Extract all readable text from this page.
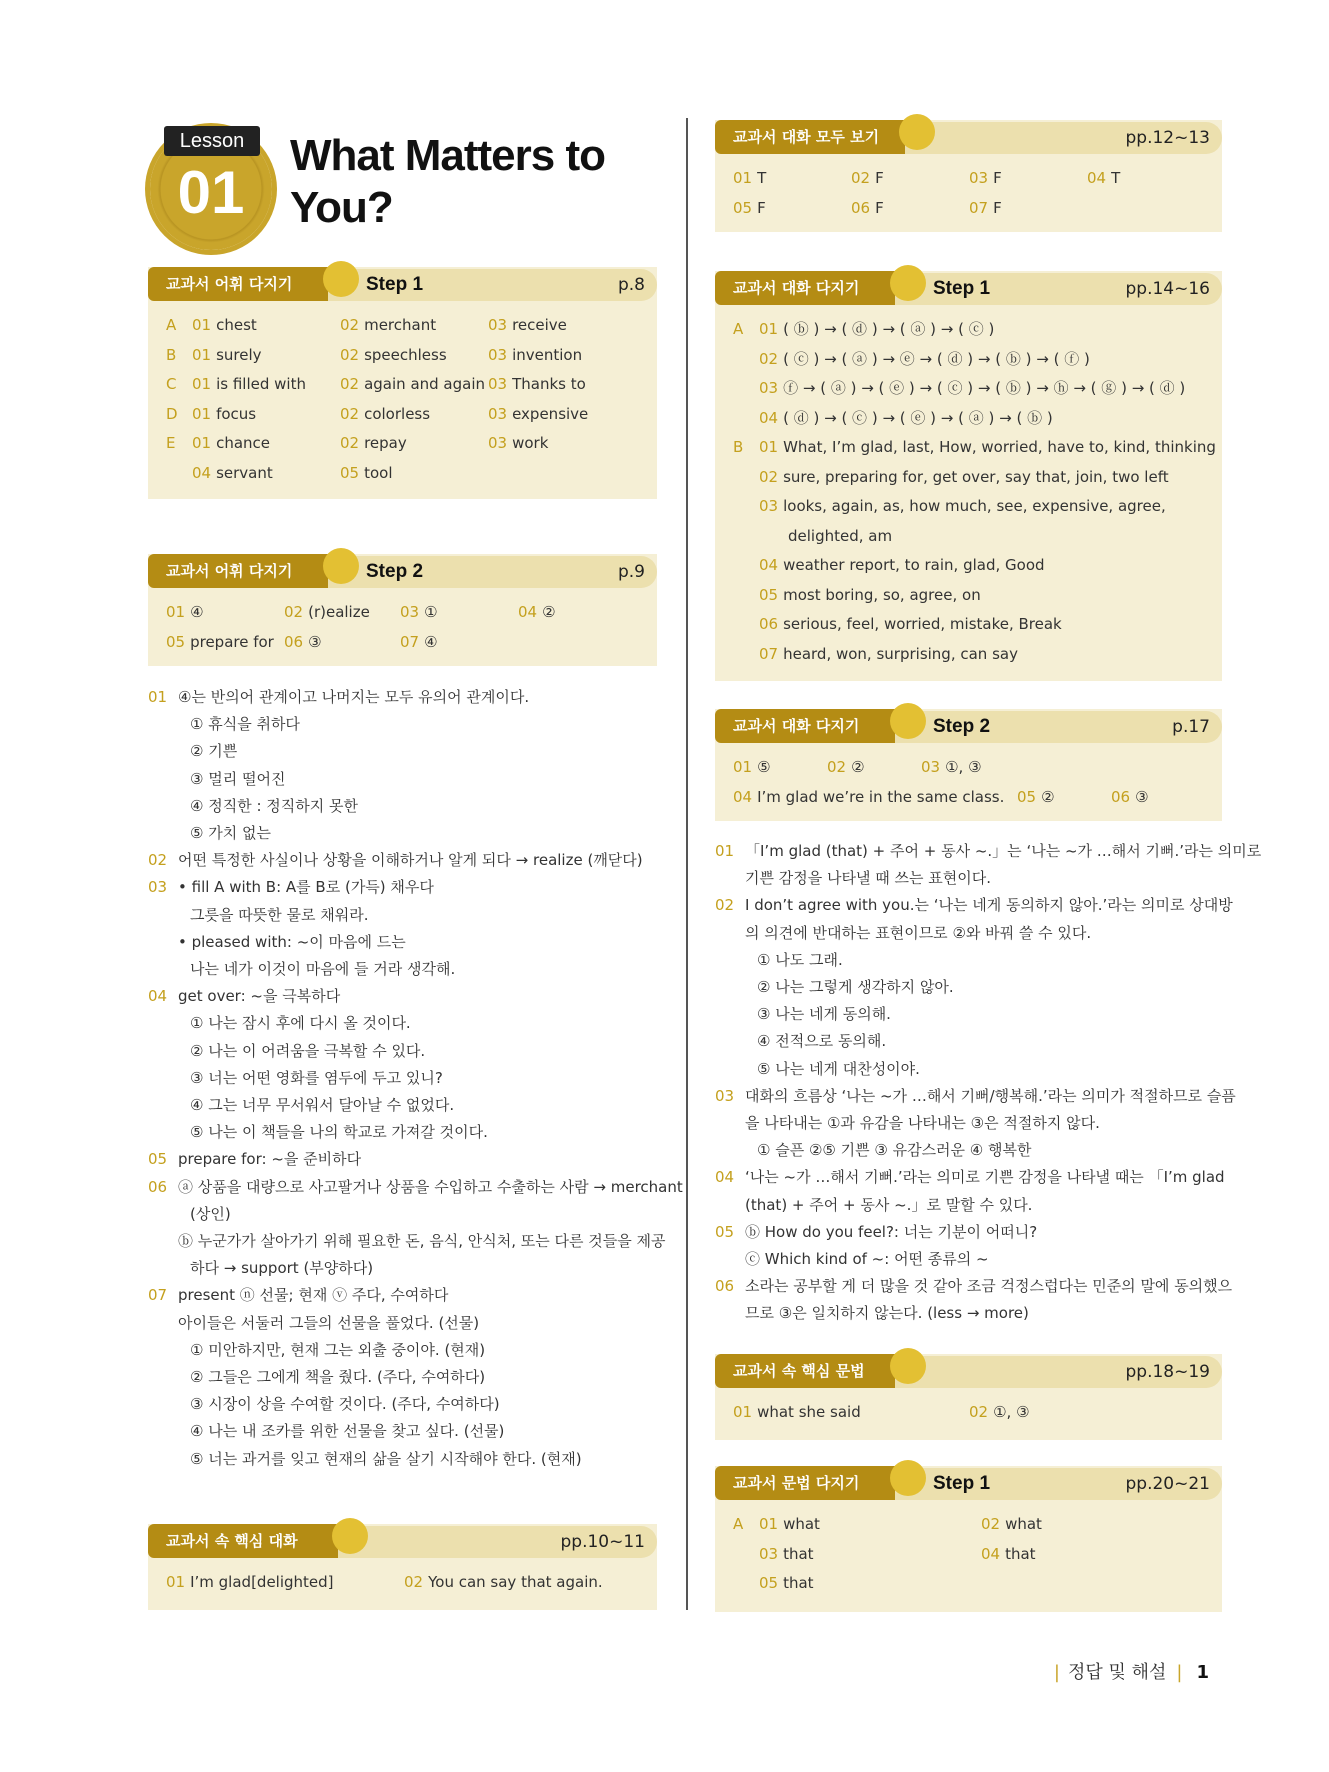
Lesson
01
What Matters to You?
교과서 어휘 다지기	Step 1	p.8
A 01 chest	02 merchant	03 receive
B 01 surely	02 speechless	03 invention
C 01 is filled with 02 again and again 03 Thanks to
D 01 focus	02 colorless	03 expensive
E 01 chance	02 repay	03 work
04 servant	05 tool
교과서 어휘 다지기	Step 2	p.9
01 ④	02 (r)ealize 03 ①	04 ②
05 prepare for 06 ③	07 ④
01 ④는 반의어 관계이고 나머지는 모두 유의어 관계이다.
① 휴식을 취하다
② 기쁜
③ 멀리 떨어진
④ 정직한 : 정직하지 못한
⑤ 가치 없는
02 어떤 특정한 사실이나 상황을 이해하거나 알게 되다 → realize (깨닫다)
03 • fill A with B: A를 B로 (가득) 채우다
그릇을 따뜻한 물로 채워라.
• pleased with: ~이 마음에 드는
나는 네가 이것이 마음에 들 거라 생각해.
04 get over: ~을 극복하다
① 나는 잠시 후에 다시 올 것이다.
② 나는 이 어려움을 극복할 수 있다.
③ 너는 어떤 영화를 염두에 두고 있니?
④ 그는 너무 무서워서 달아날 수 없었다.
⑤ 나는 이 책들을 나의 학교로 가져갈 것이다.
05 prepare for: ~을 준비하다
06 ⓐ 상품을 대량으로 사고팔거나 상품을 수입하고 수출하는 사람 → merchant
(상인)
ⓑ 누군가가 살아가기 위해 필요한 돈, 음식, 안식처, 또는 다른 것들을 제공
하다 → support (부양하다)
07 present ⓝ 선물; 현재 ⓥ 주다, 수여하다
아이들은 서둘러 그들의 선물을 풀었다. (선물)
① 미안하지만, 현재 그는 외출 중이야. (현재)
② 그들은 그에게 책을 줬다. (주다, 수여하다)
③ 시장이 상을 수여할 것이다. (주다, 수여하다)
④ 나는 내 조카를 위한 선물을 찾고 싶다. (선물)
⑤ 너는 과거를 잊고 현재의 삶을 살기 시작해야 한다. (현재)
교과서 속 핵심 대화	pp.10~11
01 I’m glad[delighted]	02 You can say that again.
교과서 대화 모두 보기	pp.12~13
01 T	02 F	03 F	04 T
05 F	06 F	07 F
교과서 대화 다지기	Step 1	pp.14~16
A 01 ( ⓑ ) → ( ⓓ ) → ( ⓐ ) → ( ⓒ )
02 ( ⓒ ) → ( ⓐ ) → ⓔ → ( ⓓ ) → ( ⓑ ) → ( ⓕ )
03 ⓕ → ( ⓐ ) → ( ⓔ ) → ( ⓒ ) → ( ⓑ ) → ⓗ → ( ⓖ ) → ( ⓓ )
04 ( ⓓ ) → ( ⓒ ) → ( ⓔ ) → ( ⓐ ) → ( ⓑ )
B 01 What, I’m glad, last, How, worried, have to, kind, thinking
02 sure, preparing for, get over, say that, join, two left
03 looks, again, as, how much, see, expensive, agree,
delighted, am
04 weather report, to rain, glad, Good
05 most boring, so, agree, on
06 serious, feel, worried, mistake, Break
07 heard, won, surprising, can say
교과서 대화 다지기	Step 2	p.17
01 ⑤	02 ②	03 ①, ③
04 I’m glad we’re in the same class. 05 ②	06 ③
01 「I’m glad (that) + 주어 + 동사 ~.」는 ‘나는 ~가 …해서 기뻐.’라는 의미로
기쁜 감정을 나타낼 때 쓰는 표현이다.
02 I don’t agree with you.는 ‘나는 네게 동의하지 않아.’라는 의미로 상대방
의 의견에 반대하는 표현이므로 ②와 바꿔 쓸 수 있다.
① 나도 그래.
② 나는 그렇게 생각하지 않아.
③ 나는 네게 동의해.
④ 전적으로 동의해.
⑤ 나는 네게 대찬성이야.
03 대화의 흐름상 ‘나는 ~가 …해서 기뻐/행복해.’라는 의미가 적절하므로 슬픔
을 나타내는 ①과 유감을 나타내는 ③은 적절하지 않다.
① 슬픈 ②⑤ 기쁜 ③ 유감스러운 ④ 행복한
04 ‘나는 ~가 …해서 기뻐.’라는 의미로 기쁜 감정을 나타낼 때는 「I’m glad
(that) + 주어 + 동사 ~.」로 말할 수 있다.
05 ⓑ How do you feel?: 너는 기분이 어떠니?
ⓒ Which kind of ~: 어떤 종류의 ~
06 소라는 공부할 게 더 많을 것 같아 조금 걱정스럽다는 민준의 말에 동의했으
므로 ③은 일치하지 않는다. (less → more)
교과서 속 핵심 문법	pp.18~19
01 what she said	02 ①, ③
교과서 문법 다지기	Step 1	pp.20~21
A 01 what	02 what
03 that	04 that
05 that
| 정답 및 해설 | 1
